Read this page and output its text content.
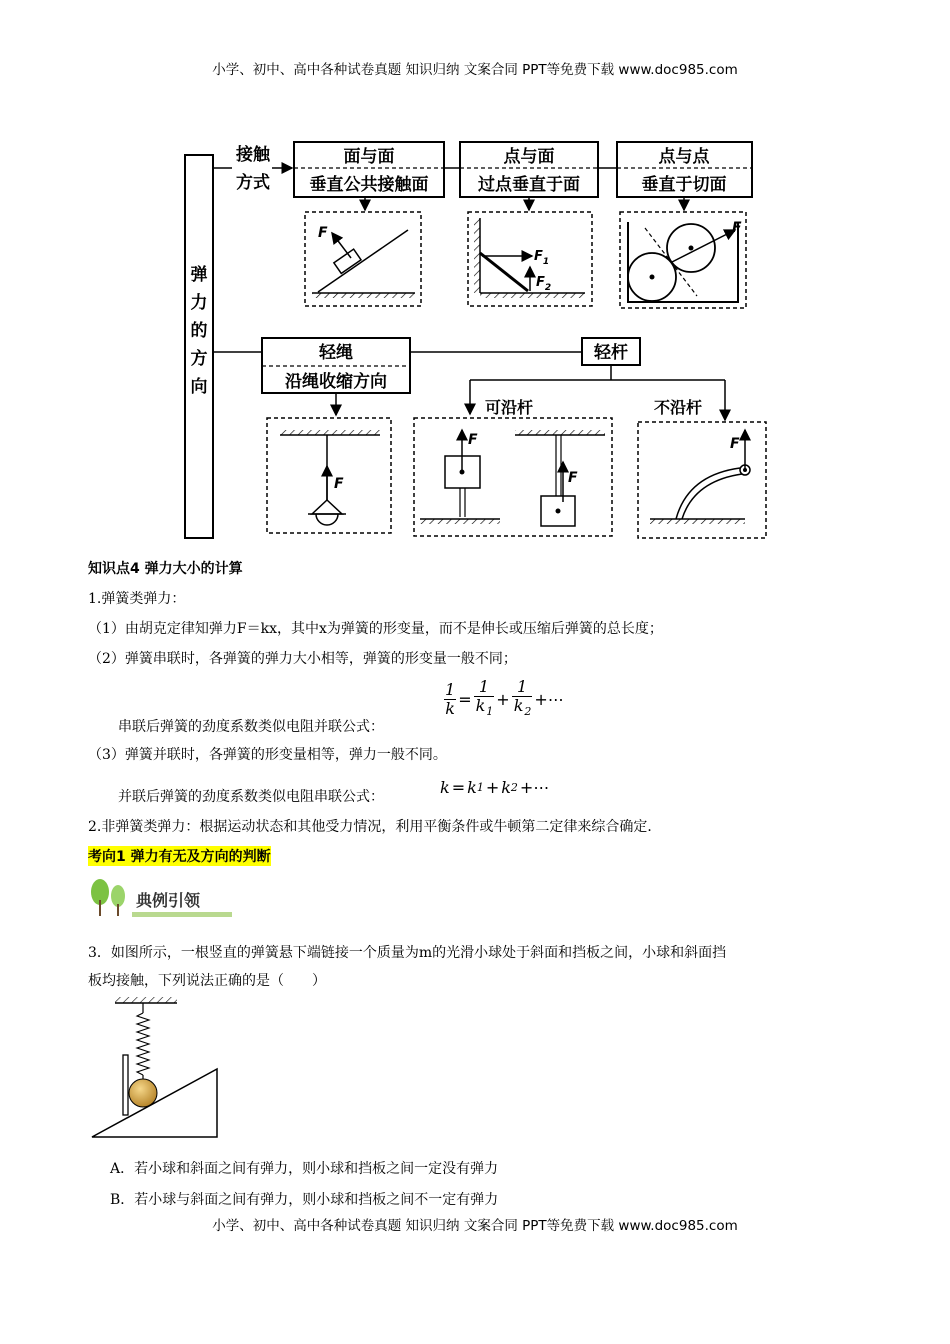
小学、初中、高中各种试卷真题 知识归纳 文案合同 PPT等免费下载 www.doc985.com
弹
力
的
方
向
接触
方式
面与面
垂直公共接触面
点与面
过点垂直于面
点与点
垂直于切面
F
$F_1$
$F_2$
F
轻绳
沿绳收缩方向
轻杆
可沿杆	不沿杆
F
F
F
F
知识点4 弹力大小的计算
1.弹簧类弹力：
（1）由胡克定律知弹力F＝kx，其中x为弹簧的形变量，而不是伸长或压缩后弹簧的总长度；
（2）弹簧串联时，各弹簧的弹力大小相等，弹簧的形变量一般不同；
串联后弹簧的劲度系数类似电阻并联公式：
$\frac{1}{k} = \frac{1}{k_1} + \frac{1}{k_2}$ +⋯
（3）弹簧并联时，各弹簧的形变量相等，弹力一般不同。
并联后弹簧的劲度系数类似电阻串联公式：	k = k 1 + k 2 +⋯
2.非弹簧类弹力：根据运动状态和其他受力情况，利用平衡条件或牛顿第二定律来综合确定．
考向1 弹力有无及方向的判断
典例引领
3．如图所示，一根竖直的弹簧悬下端链接一个质量为m的光滑小球处于斜面和挡板之间，小球和斜面挡
板均接触，下列说法正确的是（　　）
A．若小球和斜面之间有弹力，则小球和挡板之间一定没有弹力
B．若小球与斜面之间有弹力，则小球和挡板之间不一定有弹力
小学、初中、高中各种试卷真题 知识归纳 文案合同 PPT等免费下载 www.doc985.com
